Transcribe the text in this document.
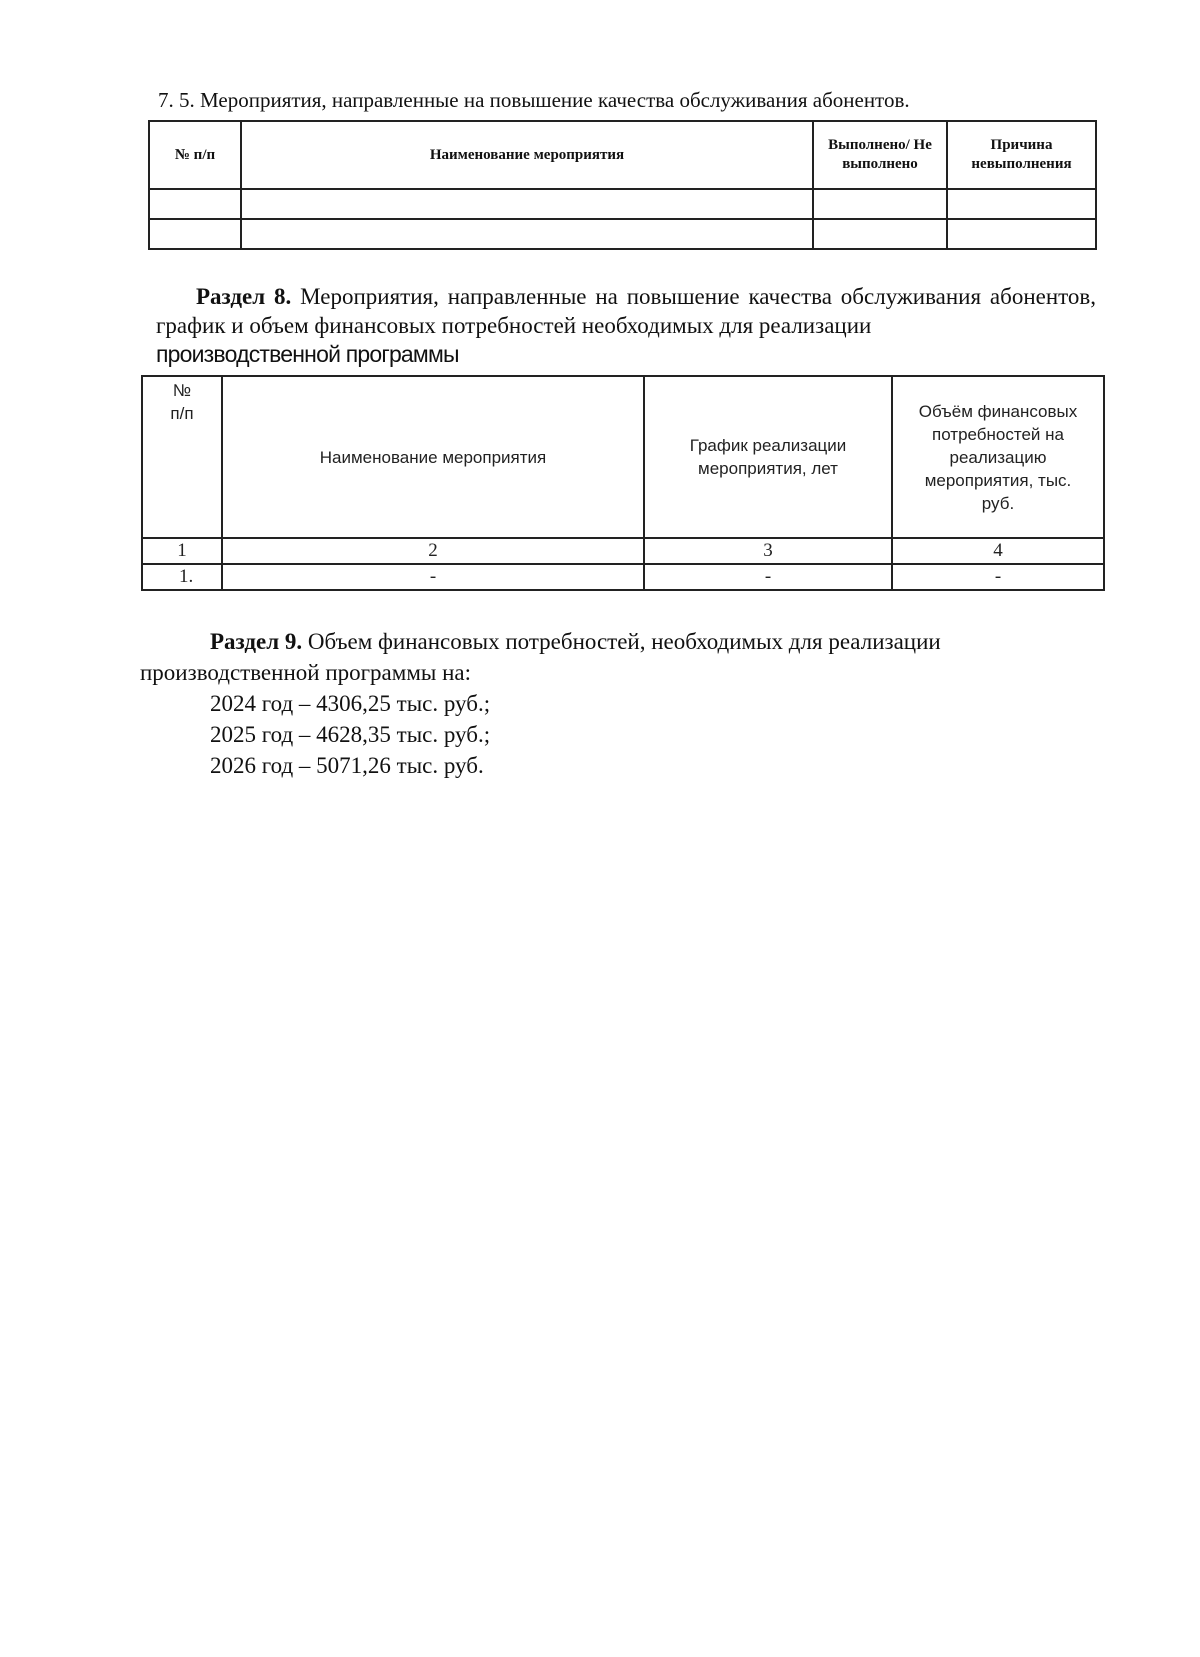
7. 5. Мероприятия, направленные на повышение качества обслуживания абонентов.
№ п/п	Наименование мероприятия	Выполнено/ Не выполнено	Причина невыполнения

Раздел 8. Мероприятия, направленные на повышение качества обслуживания абонентов, график и объем финансовых потребностей необходимых для реализации
производственной программы
№ п/п	Наименование мероприятия	График реализации мероприятия, лет	Объём финансовых потребностей на реализацию мероприятия, тыс. руб.

1	2	3	4
1.	-	-	-
Раздел 9. Объем финансовых потребностей, необходимых для реализации производственной программы на:
2024 год – 4306,25 тыс. руб.;
2025 год – 4628,35 тыс. руб.;
2026 год – 5071,26 тыс. руб.
